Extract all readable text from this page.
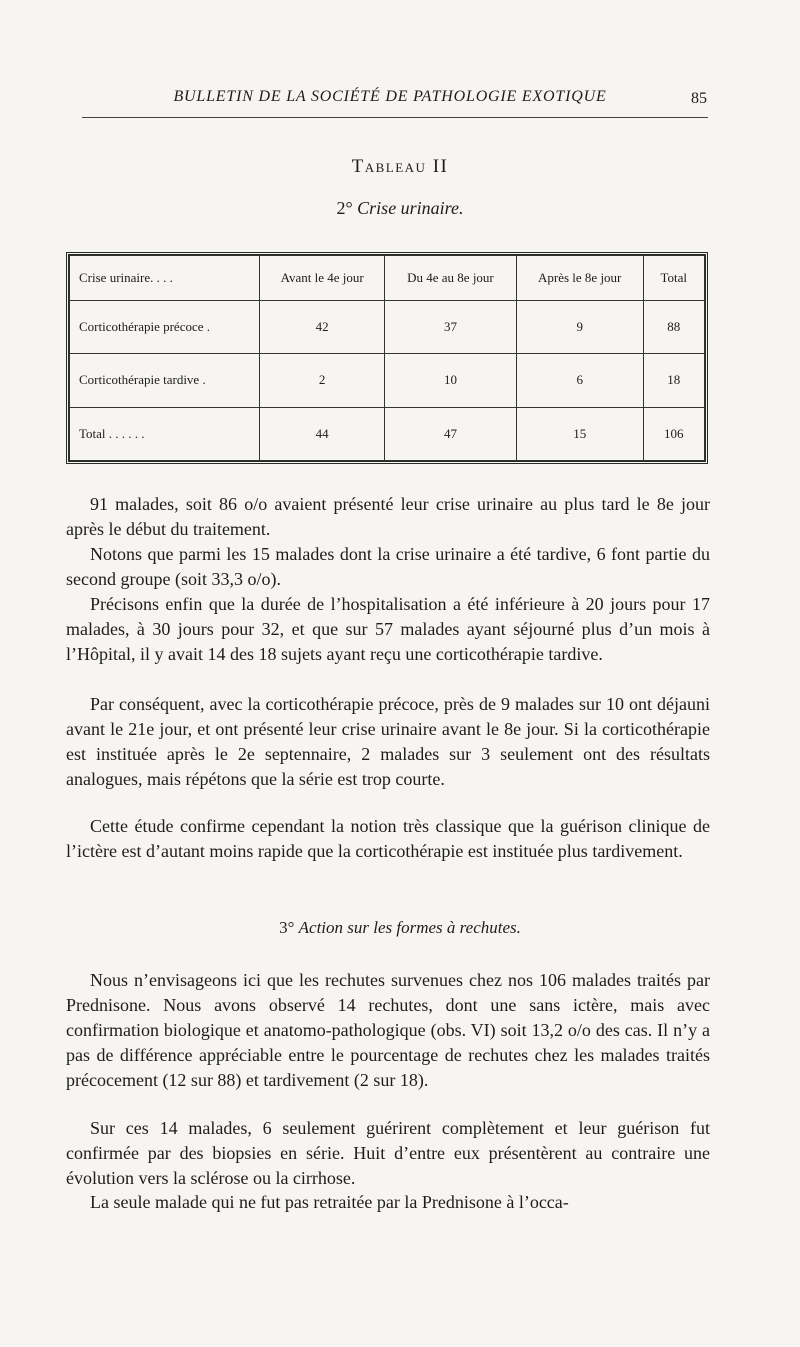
BULLETIN DE LA SOCIÉTÉ DE PATHOLOGIE EXOTIQUE	85
Tableau II
2° Crise urinaire.
Crise urinaire. . . .	Avant le 4e jour	Du 4e au 8e jour	Après le 8e jour	Total
Corticothérapie précoce .	42	37	9	88
Corticothérapie tardive .	2	10	6	18
Total . . . . . .	44	47	15	106

91 malades, soit 86 o/o avaient présenté leur crise urinaire au plus tard le 8e jour après le début du traitement.

Notons que parmi les 15 malades dont la crise urinaire a été tardive, 6 font partie du second groupe (soit 33,3 o/o).

Précisons enfin que la durée de l’hospitalisation a été inférieure à 20 jours pour 17 malades, à 30 jours pour 32, et que sur 57 malades ayant séjourné plus d’un mois à l’Hôpital, il y avait 14 des 18 sujets ayant reçu une corticothérapie tardive.

Par conséquent, avec la corticothérapie précoce, près de 9 malades sur 10 ont déjauni avant le 21e jour, et ont présenté leur crise urinaire avant le 8e jour. Si la corticothérapie est instituée après le 2e septennaire, 2 malades sur 3 seulement ont des résultats analogues, mais répétons que la série est trop courte.

Cette étude confirme cependant la notion très classique que la guérison clinique de l’ictère est d’autant moins rapide que la corticothérapie est instituée plus tardivement.

3° Action sur les formes à rechutes.

Nous n’envisageons ici que les rechutes survenues chez nos 106 malades traités par Prednisone. Nous avons observé 14 rechutes, dont une sans ictère, mais avec confirmation biologique et anatomo-pathologique (obs. VI) soit 13,2 o/o des cas. Il n’y a pas de différence appréciable entre le pourcentage de rechutes chez les malades traités précocement (12 sur 88) et tardivement (2 sur 18).

Sur ces 14 malades, 6 seulement guérirent complètement et leur guérison fut confirmée par des biopsies en série. Huit d’entre eux présentèrent au contraire une évolution vers la sclérose ou la cirrhose.

La seule malade qui ne fut pas retraitée par la Prednisone à l’occa-
